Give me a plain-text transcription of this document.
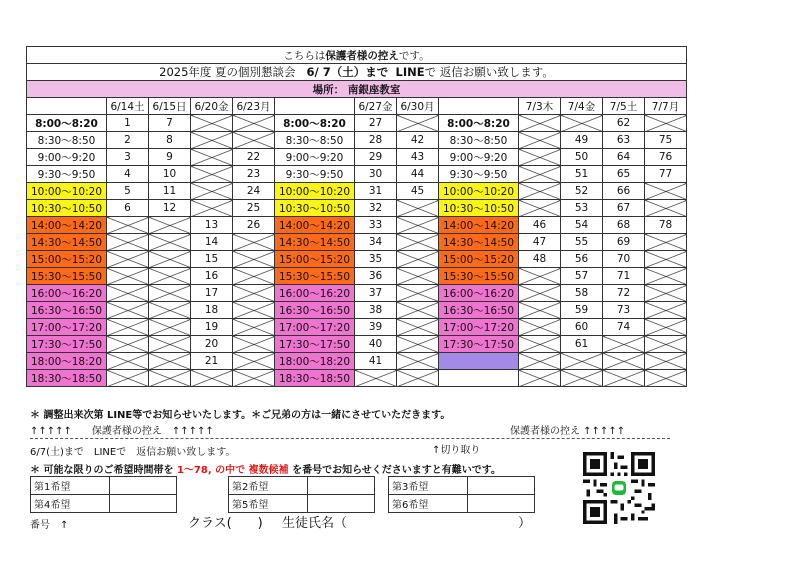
こちらは保護者様の控えです。												
2025年度 夏の個別懇談会 6/ 7（土）まで LINEで 返信お願い致します。												
場所： 南銀座教室												
	6/14土	6/15日	6/20金	6/23月		6/27金	6/30月		7/3木	7/4金	7/5土	7/7月
8:00～8:20	1	7			8:00～8:20	27		8:00～8:20			62	
8:30～8:50	2	8			8:30～8:50	28	42	8:30～8:50		49	63	75
9:00～9:20	3	9		22	9:00～9:20	29	43	9:00～9:20		50	64	76
9:30～9:50	4	10		23	9:30～9:50	30	44	9:30～9:50		51	65	77
10:00～10:20	5	11		24	10:00～10:20	31	45	10:00～10:20		52	66	
10:30～10:50	6	12		25	10:30～10:50	32		10:30～10:50		53	67	
14:00～14:20			13	26	14:00～14:20	33		14:00～14:20	46	54	68	78
14:30～14:50			14		14:30～14:50	34		14:30～14:50	47	55	69	
15:00～15:20			15		15:00～15:20	35		15:00～15:20	48	56	70	
15:30～15:50			16		15:30～15:50	36		15:30～15:50		57	71	
16:00～16:20			17		16:00～16:20	37		16:00～16:20		58	72	
16:30～16:50			18		16:30～16:50	38		16:30～16:50		59	73	
17:00～17:20			19		17:00～17:20	39		17:00～17:20		60	74	
17:30～17:50			20		17:30～17:50	40		17:30～17:50		61		
18:00～18:20			21		18:00～18:20	41						
18:30～18:50					18:30～18:50							
＊ 調整出来次第 LINE等でお知らせいたします。＊ご兄弟の方は一緒にさせていただきます。
↑↑↑↑↑　　保護者様の控え　↑↑↑↑↑	保護者様の控え ↑↑↑↑↑
6/7(土)まで　LINEで　返信お願い致します。	↑切り取り
＊ 可能な限りのご希望時間帯を 1～78, の中で 複数候補 を番号でお知らせくださいますと有難いです。
第1希望	
第4希望	
第2希望	
第5希望	
第3希望	
第6希望	
番号　↑	クラス(　　) 生徒氏名（	）
